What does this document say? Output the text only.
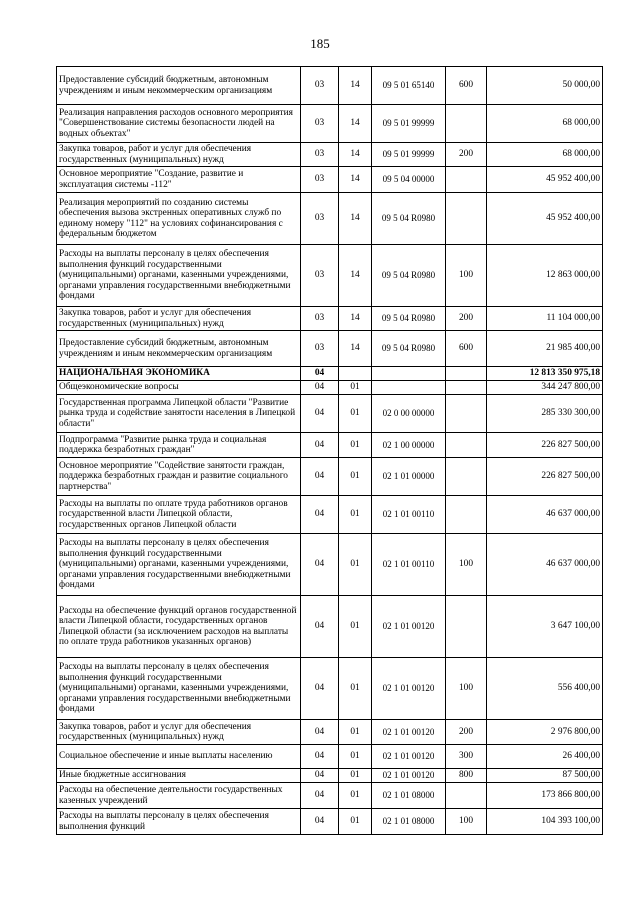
185
Предоставление субсидий бюджетным, автономным учреждениям и иным некоммерческим организациям	03	14	09 5 01 65140	600	50 000,00
Реализация направления расходов основного мероприятия "Совершенствование системы безопасности людей на водных объектах"	03	14	09 5 01 99999		68 000,00
Закупка товаров, работ и услуг для обеспечения государственных (муниципальных) нужд	03	14	09 5 01 99999	200	68 000,00
Основное мероприятие "Создание, развитие и эксплуатация системы -112"	03	14	09 5 04 00000		45 952 400,00
Реализация мероприятий по созданию системы обеспечения вызова экстренных оперативных служб по единому номеру "112" на условиях софинансирования с федеральным бюджетом	03	14	09 5 04 R0980		45 952 400,00
Расходы на выплаты персоналу в целях обеспечения выполнения функций государственными (муниципальными) органами, казенными учреждениями, органами управления государственными внебюджетными фондами	03	14	09 5 04 R0980	100	12 863 000,00
Закупка товаров, работ и услуг для обеспечения государственных (муниципальных) нужд	03	14	09 5 04 R0980	200	11 104 000,00
Предоставление субсидий бюджетным, автономным учреждениям и иным некоммерческим организациям	03	14	09 5 04 R0980	600	21 985 400,00
НАЦИОНАЛЬНАЯ ЭКОНОМИКА	04				12 813 350 975,18
Общеэкономические вопросы	04	01			344 247 800,00
Государственная программа Липецкой области "Развитие рынка труда и содействие занятости населения в Липецкой области"	04	01	02 0 00 00000		285 330 300,00
Подпрограмма "Развитие рынка труда и социальная поддержка безработных граждан"	04	01	02 1 00 00000		226 827 500,00
Основное мероприятие "Содействие занятости граждан, поддержка безработных граждан и развитие социального партнерства"	04	01	02 1 01 00000		226 827 500,00
Расходы на выплаты по оплате труда работников органов государственной власти Липецкой области, государственных органов Липецкой области	04	01	02 1 01 00110		46 637 000,00
Расходы на выплаты персоналу в целях обеспечения выполнения функций государственными (муниципальными) органами, казенными учреждениями, органами управления государственными внебюджетными фондами	04	01	02 1 01 00110	100	46 637 000,00
Расходы на обеспечение функций органов государственной власти Липецкой области, государственных органов Липецкой области (за исключением расходов на выплаты по оплате труда работников указанных органов)	04	01	02 1 01 00120		3 647 100,00
Расходы на выплаты персоналу в целях обеспечения выполнения функций государственными (муниципальными) органами, казенными учреждениями, органами управления государственными внебюджетными фондами	04	01	02 1 01 00120	100	556 400,00
Закупка товаров, работ и услуг для обеспечения государственных (муниципальных) нужд	04	01	02 1 01 00120	200	2 976 800,00
Социальное обеспечение и иные выплаты населению	04	01	02 1 01 00120	300	26 400,00
Иные бюджетные ассигнования	04	01	02 1 01 00120	800	87 500,00
Расходы на обеспечение деятельности государственных казенных учреждений	04	01	02 1 01 08000		173 866 800,00
Расходы на выплаты персоналу в целях обеспечения выполнения функций	04	01	02 1 01 08000	100	104 393 100,00
